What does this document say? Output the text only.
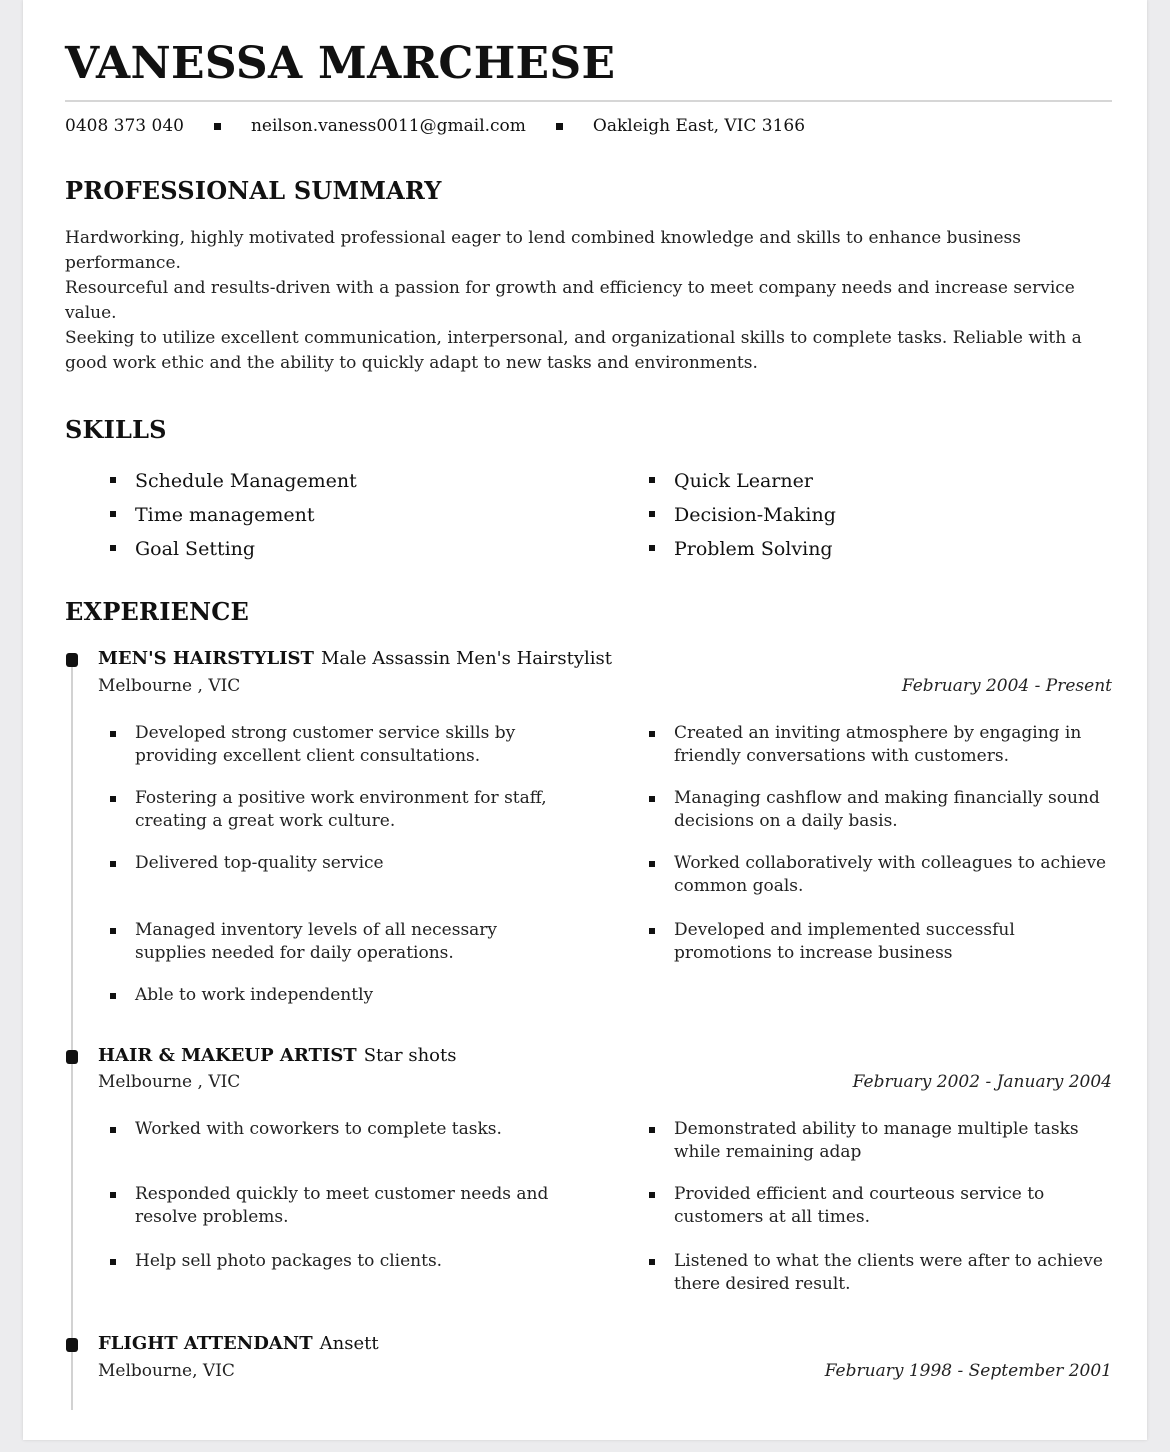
VANESSA MARCHESE
0408 373 040	neilson.vaness0011@gmail.com	Oakleigh East, VIC 3166
PROFESSIONAL SUMMARY

Hardworking, highly motivated professional eager to lend combined knowledge and skills to enhance business performance.

Resourceful and results-driven with a passion for growth and efficiency to meet company needs and increase service value.

Seeking to utilize excellent communication, interpersonal, and organizational skills to complete tasks. Reliable with a good work ethic and the ability to quickly adapt to new tasks and environments.

SKILLS
Schedule Management
Time management
Goal Setting
Quick Learner
Decision-Making
Problem Solving
EXPERIENCE
MEN'S HAIRSTYLIST Male Assassin Men's Hairstylist
Melbourne , VIC	February 2004 - Present
Developed strong customer service skills by providing excellent client consultations.
Fostering a positive work environment for staff, creating a great work culture.
Delivered top-quality service
Managed inventory levels of all necessary supplies needed for daily operations.
Able to work independently
Created an inviting atmosphere by engaging in friendly conversations with customers.
Managing cashflow and making financially sound decisions on a daily basis.
Worked collaboratively with colleagues to achieve common goals.
Developed and implemented successful promotions to increase business
HAIR & MAKEUP ARTIST Star shots
Melbourne , VIC	February 2002 - January 2004
Worked with coworkers to complete tasks.
Responded quickly to meet customer needs and resolve problems.
Help sell photo packages to clients.
Demonstrated ability to manage multiple tasks while remaining adap
Provided efficient and courteous service to customers at all times.
Listened to what the clients were after to achieve there desired result.
FLIGHT ATTENDANT Ansett
Melbourne, VIC	February 1998 - September 2001
